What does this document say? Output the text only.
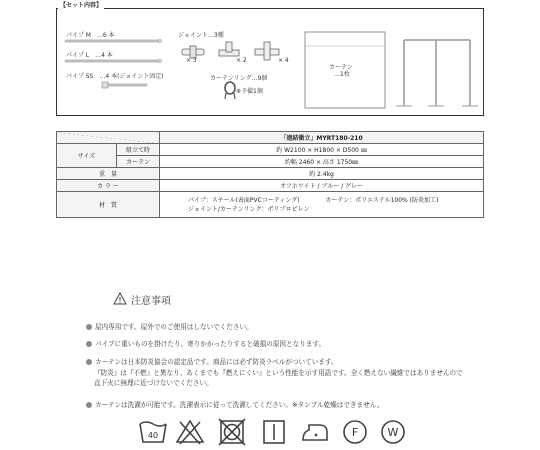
【セット内容】
パイプ M　…6 本
パイプ L　…4 本
パイプ SS　…4 本(ジョイント固定)
ジョイント…3種
× 3	× 2	× 4
カーテンリング…9個
※予備1個
カーテン
…1枚
		「連結衝立」MYRT180-210
サイズ	組立て時	約 W2100 × H1800 × D500 ㎜
	カーテン	約幅 2460 × 高さ 1750㎜
重　量		約 2.4kg
カ ラ ー		オフホワイト / ブルー / グレー
材　質		パイプ：スチール(表面PVCコーティング) カーテン：ポリエステル100% (防炎加工)
ジョイント/カーテンリング：ポリプロピレン
注意事項
屋内専用です。屋外でのご使用はしないでください。
パイプに重いものを掛けたり、寄りかかったりすると破損の原因となります。
カーテンは日本防炎協会の認定品です。商品には必ず防炎ラベルがついています。
『防炎』は『不燃』と異なり、あくまでも『燃えにくい』という性能を示す用語です。全く燃えない繊維ではありませんので
直下火に無理に近づけないでください。
カーテンは洗濯が可能です。洗濯表示に従って洗濯してください。※タンブル乾燥はできません。
40	F	W
